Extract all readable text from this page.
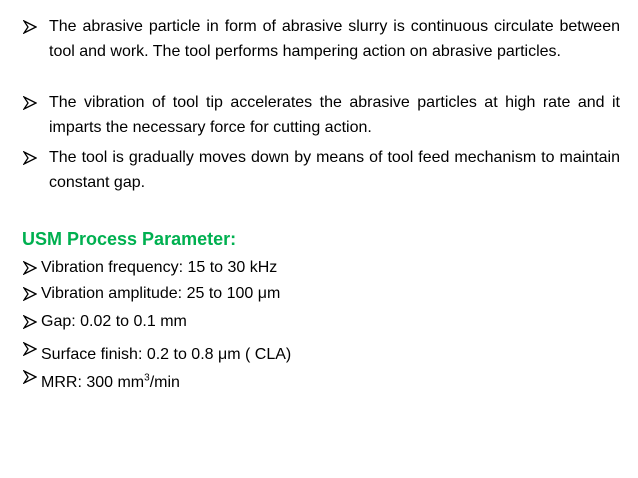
The abrasive particle in form of abrasive slurry is continuous circulate between tool and work. The tool performs hampering action on abrasive particles.
The vibration of tool tip accelerates the abrasive particles at high rate and it imparts the necessary force for cutting action.
The tool is gradually moves down by means of tool feed mechanism to maintain constant gap.
USM Process Parameter:
Vibration frequency: 15 to 30 kHz
Vibration amplitude: 25 to 100 μm
Gap: 0.02 to 0.1 mm
Surface finish: 0.2 to 0.8 μm ( CLA)
MRR: 300 $mm^3/\min$
